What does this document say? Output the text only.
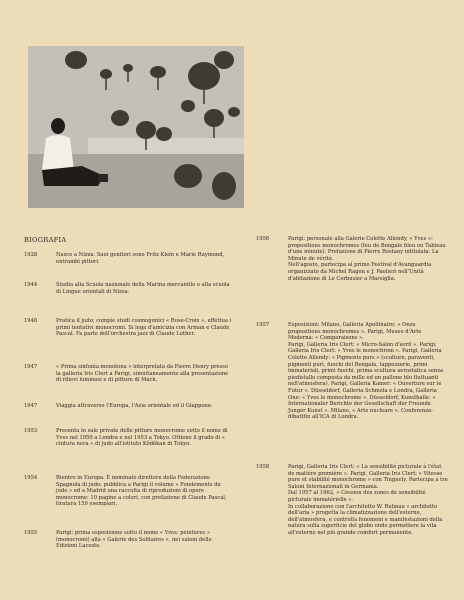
BIOGRAFIA
1928	Nasce a Nizza. Suoi genitori sono Fritz Klein e Marie Raymond, entrambi pittori.

1944	Studia alla Scuola nazionale della Marina mercantile e alla scuola di Lingue orientali di Nizza.

1946	Pratica il judo; compie studi cosmogonici « Rose-Croix », effettua i primi tentativi monocromi. Si lega d'amicizia con Arman e Claude Pascal. Fa parte dell'orchestra jazz di Claude Luther.

1947	« Prima sinfonia monotona » interpretata da Pierre Henry presso la galleria Iris Clert a Parigi, simultaneamente alla presentazione di rilievi luminosi e di pitture di Mack.

1947	Viaggia attraverso l'Europa, l'Asia orientale ed il Giappone.

1953	Presenta in sale private delle pitture monocrome sotto il nome di Yves nel 1950 a Londra e nel 1953 a Tokyo. Ottiene il grado di « cintura nera » di judo all'istituto Kôdôkan di Tokyo.

1954	Rientro in Europa. È nominato direttore della Federazione Spagnola di judo; pubblica a Parigi il volume « Fondements du judo » ed a Madrid una raccolta di riproduzioni di opere monocrome: 10 pagine a colori, con prefazione di Claude Pascal, tiratura 150 esemplari.

1955	Parigi: prima esposizione sotto il nome « Yves: peintures » (monocromi) alla « Galerie des Solitaires », nei saloni delle Edizioni Lacoste.

1956	Parigi: personale alla Galerie Colette Allendy, « Yves »: propositions monochromes (feu de Bengale bleu ou Tableau d'une minute). Prefazione di Pierre Restany intitolata: La Minute de vérité.

Nell'agosto, partecipa al primo Festival d'Avanguardia organizzato da Michel Ragon e J. Paolieri nell'Unità d'abitazione di Le Corbusier a Marsiglia.

1957	Esposizioni: Milano, Galleria Apollinaire: « Onze propositions monochromes ». Parigi, Museo d'Arte Moderna: « Comparaisons ».

Parigi, Galleria Iris Clert: « Micro-Salon d'avril ». Parigi, Galleria Iris Clert: « Yves le monochrom ». Parigi, Galleria Colette Allendy: « Pigments purs » (sculture, paraventi, pigmenti puri, fuochi del Bengala, tappezzerie, primi immateriali, primi fuochi, prima scultura aerostatica senza piedistallo composta da mille ed un pallone blu fluttuanti nell'atmosfera). Parigi, Galleria Kamer: « Ouverture sur le Futur ». Düsseldorf, Galleria Schmela e Londra, Galleria One: « Yves le monochrome ». Düsseldorf, Kunsthalle: « Internationaler Berichte der Gesellschaft der Freunde Junger Kunst ». Milano, « Arte nucleare ». Conferenza-dibattito all'ICA di Londra.

1958	Parigi, Galleria Iris Clert: « La sensibilité picturale à l'état de matière première ». Parigi, Galleria Iris Clert: « Vitesse pure et stabilité monochrome » con Tinguely. Partecipa a tre Saloni Internazionali in Germania.

Dal 1957 al 1962, « Cession des zones de sensibilité picturale immatérielle ».

In collaborazione con l'architetto W. Ruhnau « architetto dell'aria » progetta la climatizzazione dell'esterno, dell'atmosfera, e controlla fenomeni e manifestazioni della natura sulla superficie del globo onde permettere la vita all'esterno nel più grande comfort permanente.
